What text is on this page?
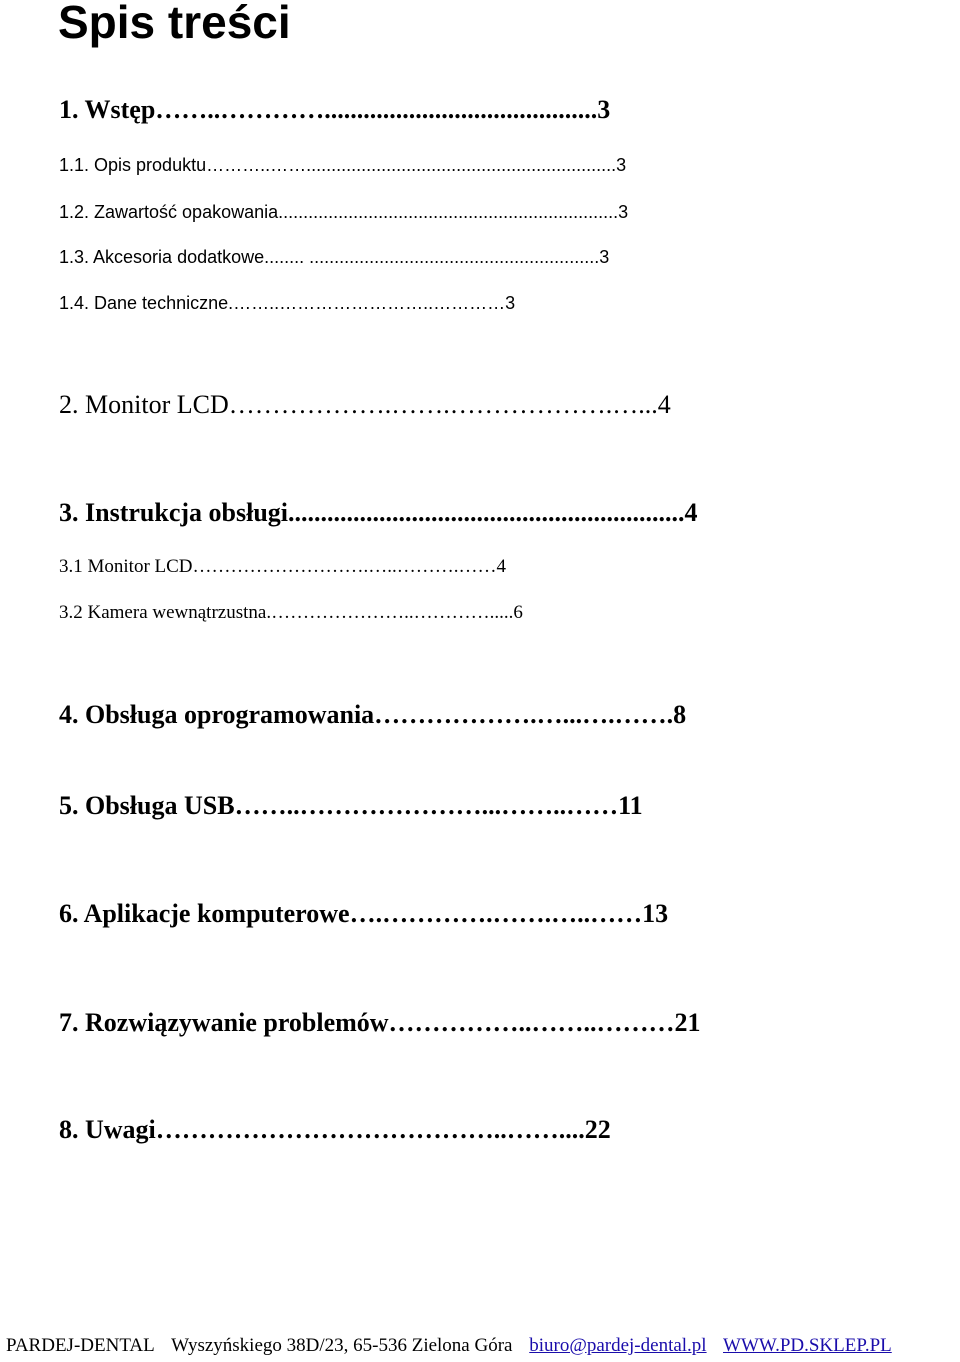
Spis treści
1. Wstęp……..…………..........................................3
1.1. Opis produktu………..……..............................................................3
1.2. Zawartość opakowania....................................................................3
1.3. Akcesoria dodatkowe........ ..........................................................3
1.4. Dane techniczne.……..……………………..…………3
2. Monitor LCD……………….…….……………….…...4
3. Instrukcja obsługi.............................................................4
3.1 Monitor LCD……………………….…..……….……4
3.2 Kamera wewnątrzustna.…………………..………….....6
4. Obsługa oprogramowania……………….…...….…….8
5. Obsługa USB……..…………………...……..……11
6. Aplikacje komputerowe….………….…….…..……13
7. Rozwiązywanie problemów……………..……..………21
8. Uwagi…………………………………..……....22
PARDEJ-DENTAL Wyszyńskiego 38D/23, 65-536 Zielona Góra biuro@pardej-dental.pl WWW.PD.SKLEP.PL
